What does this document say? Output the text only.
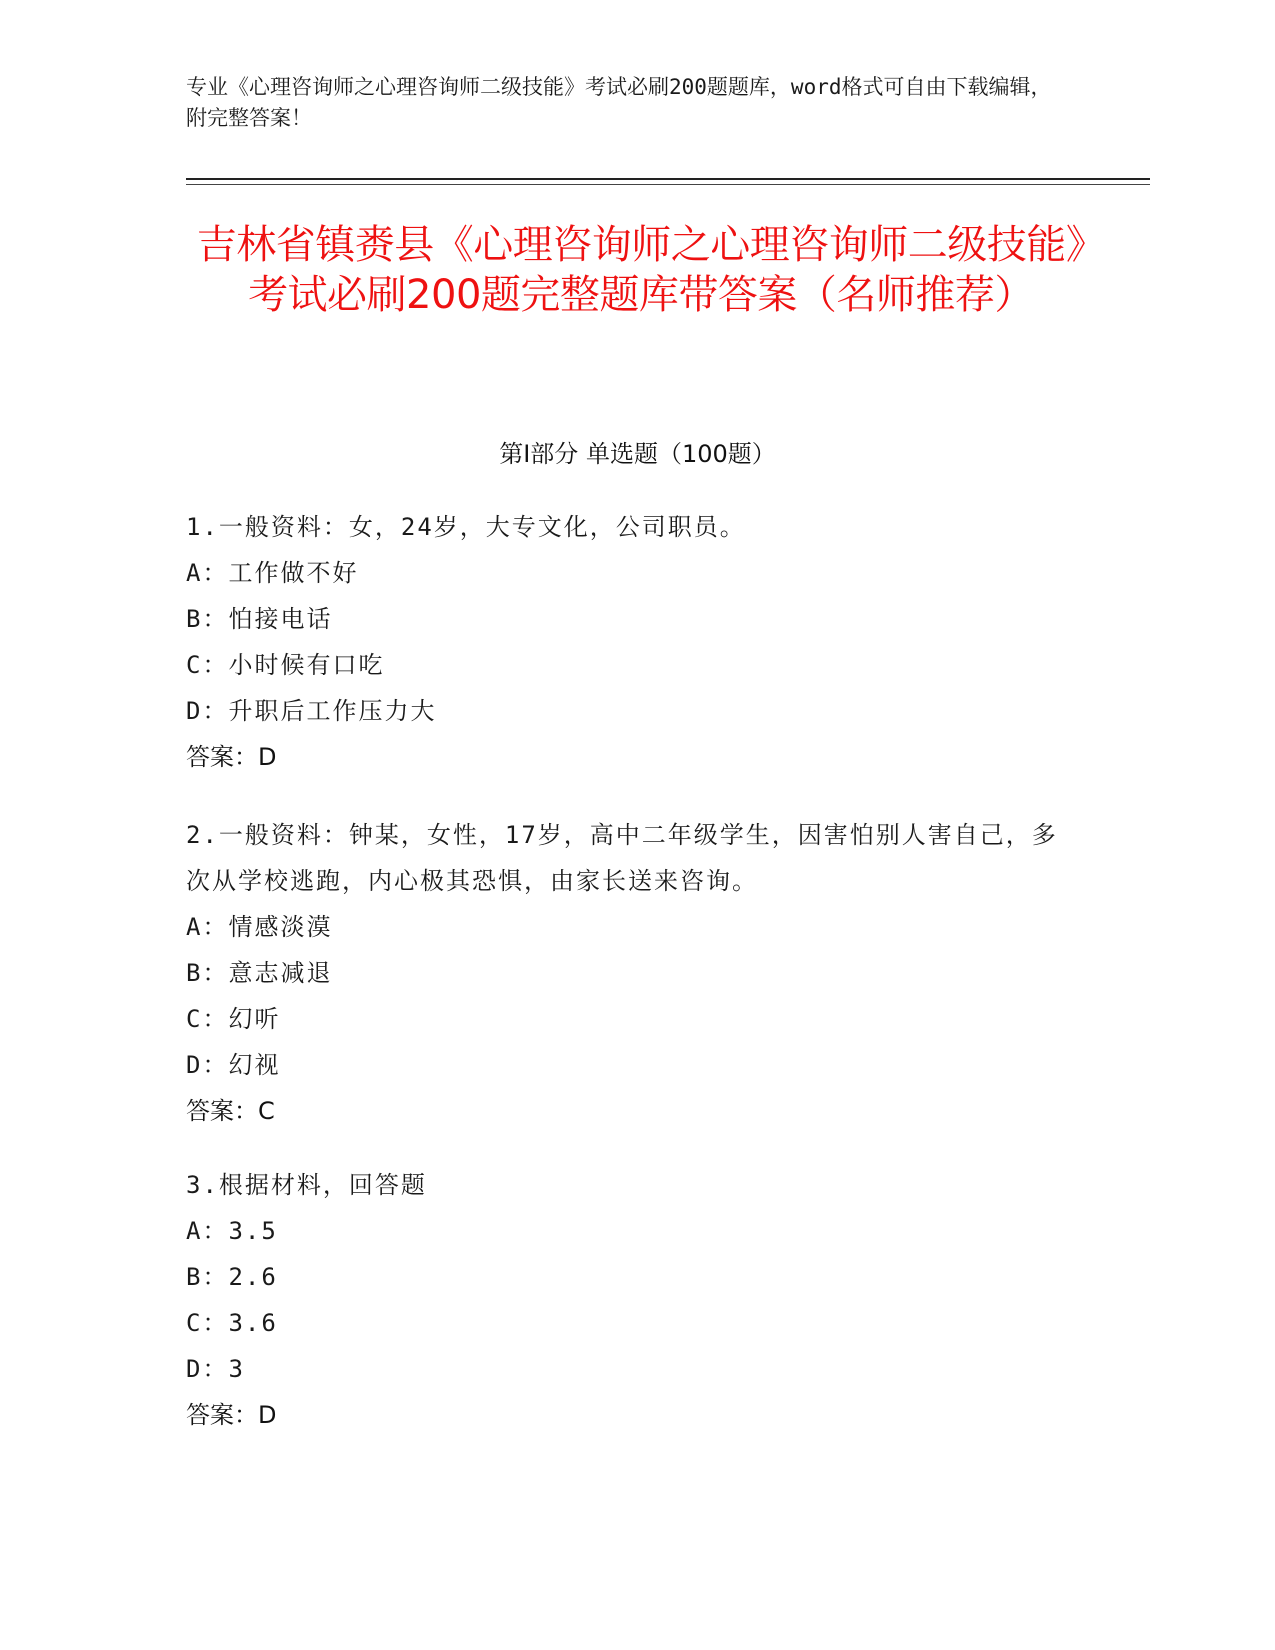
专业《心理咨询师之心理咨询师二级技能》考试必刷200题题库，word格式可自由下载编辑，附完整答案！
吉林省镇赉县《心理咨询师之心理咨询师二级技能》考试必刷200题完整题库带答案（名师推荐）
第Ⅰ部分 单选题（100题）
1.一般资料：女，24岁，大专文化，公司职员。
A：工作做不好
B：怕接电话
C：小时候有口吃
D：升职后工作压力大
答案：D
2.一般资料：钟某，女性，17岁，高中二年级学生，因害怕别人害自己，多次从学校逃跑，内心极其恐惧，由家长送来咨询。
A：情感淡漠
B：意志减退
C：幻听
D：幻视
答案：C
3.根据材料，回答题
A：3.5
B：2.6
C：3.6
D：3
答案：D
